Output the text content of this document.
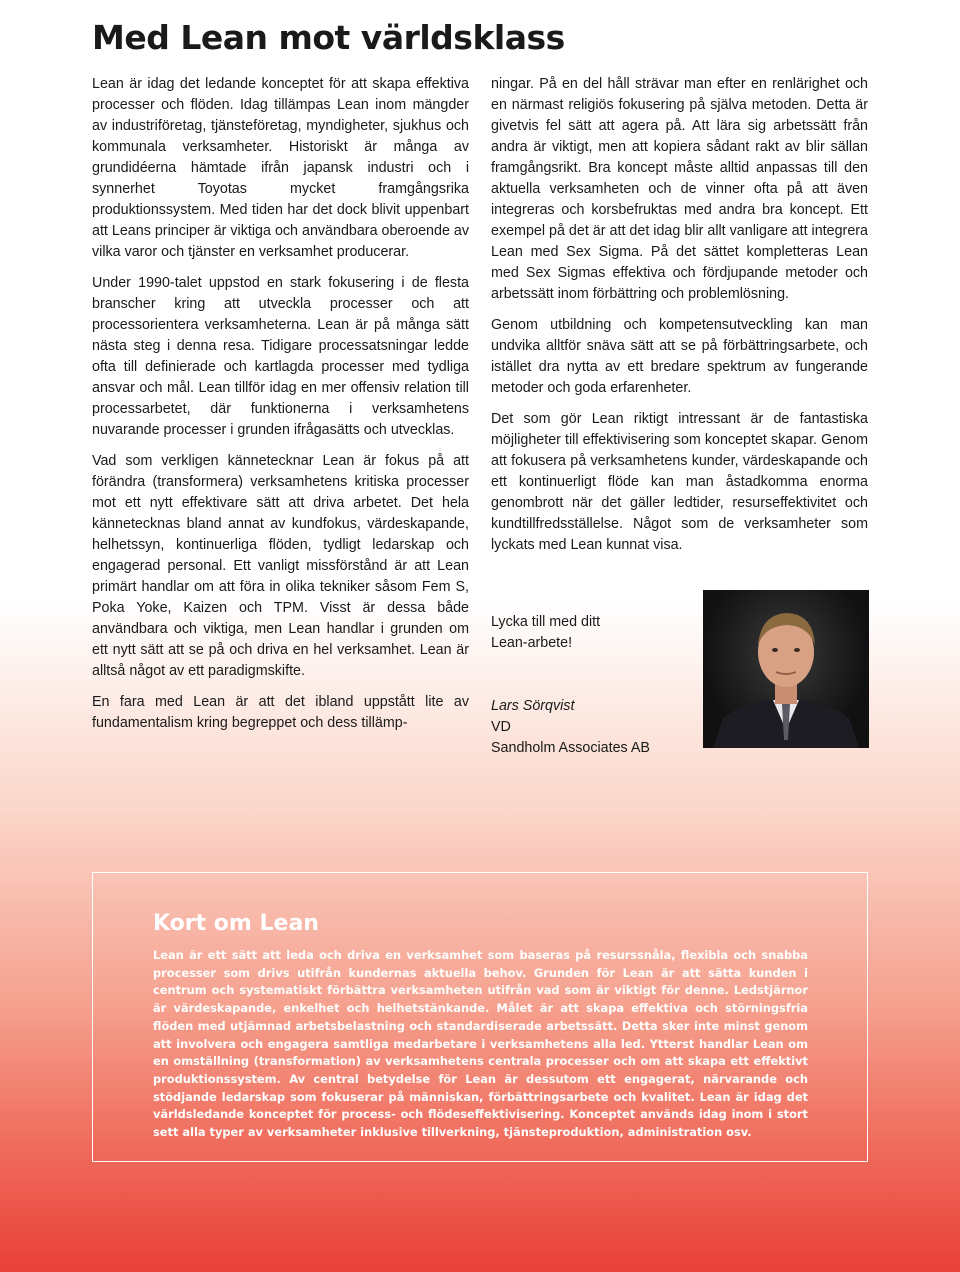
Med Lean mot världsklass

Lean är idag det ledande konceptet för att skapa effektiva processer och flöden. Idag tillämpas Lean inom mängder av industriföretag, tjänsteföretag, myndigheter, sjukhus och kommunala verksamheter. Historiskt är många av grundidéerna hämtade ifrån japansk industri och i synnerhet Toyotas mycket framgångsrika produktionssystem. Med tiden har det dock blivit uppenbart att Leans principer är viktiga och användbara oberoende av vilka varor och tjänster en verksamhet producerar.

Under 1990-talet uppstod en stark fokusering i de flesta branscher kring att utveckla processer och att processorientera verksamheterna. Lean är på många sätt nästa steg i denna resa. Tidigare processatsningar ledde ofta till definierade och kartlagda processer med tydliga ansvar och mål. Lean tillför idag en mer offensiv relation till processarbetet, där funktionerna i verksamhetens nuvarande processer i grunden ifrågasätts och utvecklas.

Vad som verkligen kännetecknar Lean är fokus på att förändra (transformera) verksamhetens kritiska processer mot ett nytt effektivare sätt att driva arbetet. Det hela kännetecknas bland annat av kundfokus, värdeskapande, helhetssyn, kontinuerliga flöden, tydligt ledarskap och engagerad personal. Ett vanligt missförstånd är att Lean primärt handlar om att föra in olika tekniker såsom Fem S, Poka Yoke, Kaizen och TPM. Visst är dessa både användbara och viktiga, men Lean handlar i grunden om ett nytt sätt att se på och driva en hel verksamhet. Lean är alltså något av ett paradigmskifte.

En fara med Lean är att det ibland uppstått lite av fundamentalism kring begreppet och dess tillämp-

ningar. På en del håll strävar man efter en renlärighet och en närmast religiös fokusering på själva metoden. Detta är givetvis fel sätt att agera på. Att lära sig arbetssätt från andra är viktigt, men att kopiera sådant rakt av blir sällan framgångsrikt. Bra koncept måste alltid anpassas till den aktuella verksamheten och de vinner ofta på att även integreras och korsbefruktas med andra bra koncept. Ett exempel på det är att det idag blir allt vanligare att integrera Lean med Sex Sigma. På det sättet kompletteras Lean med Sex Sigmas effektiva och fördjupande metoder och arbetssätt inom förbättring och problemlösning.

Genom utbildning och kompetensutveckling kan man undvika alltför snäva sätt att se på förbättringsarbete, och istället dra nytta av ett bredare spektrum av fungerande metoder och goda erfarenheter.

Det som gör Lean riktigt intressant är de fantastiska möjligheter till effektivisering som konceptet skapar. Genom att fokusera på verksamhetens kunder, värdeskapande och ett kontinuerligt flöde kan man åstadkomma enorma genombrott när det gäller ledtider, resurseffektivitet och kundtillfredsställelse. Något som de verksamheter som lyckats med Lean kunnat visa.

Lycka till med ditt
Lean-arbete!
Lars Sörqvist
VD
Sandholm Associates AB
Kort om Lean

Lean är ett sätt att leda och driva en verksamhet som baseras på resurssnåla, flexibla och snabba processer som drivs utifrån kundernas aktuella behov. Grunden för Lean är att sätta kunden i centrum och systematiskt förbättra verksamheten utifrån vad som är viktigt för denne. Ledstjärnor är värdeskapande, enkelhet och helhetstänkande. Målet är att skapa effektiva och störningsfria flöden med utjämnad arbetsbelastning och standardiserade arbetssätt. Detta sker inte minst genom att involvera och engagera samtliga medarbetare i verksamhetens alla led. Ytterst handlar Lean om en omställning (transformation) av verksamhetens centrala processer och om att skapa ett effektivt produktionssystem. Av central betydelse för Lean är dessutom ett engagerat, närvarande och stödjande ledarskap som fokuserar på människan, förbättringsarbete och kvalitet. Lean är idag det världsledande konceptet för process- och flödeseffektivisering. Konceptet används idag inom i stort sett alla typer av verksamheter inklusive tillverkning, tjänsteproduktion, administration osv.
